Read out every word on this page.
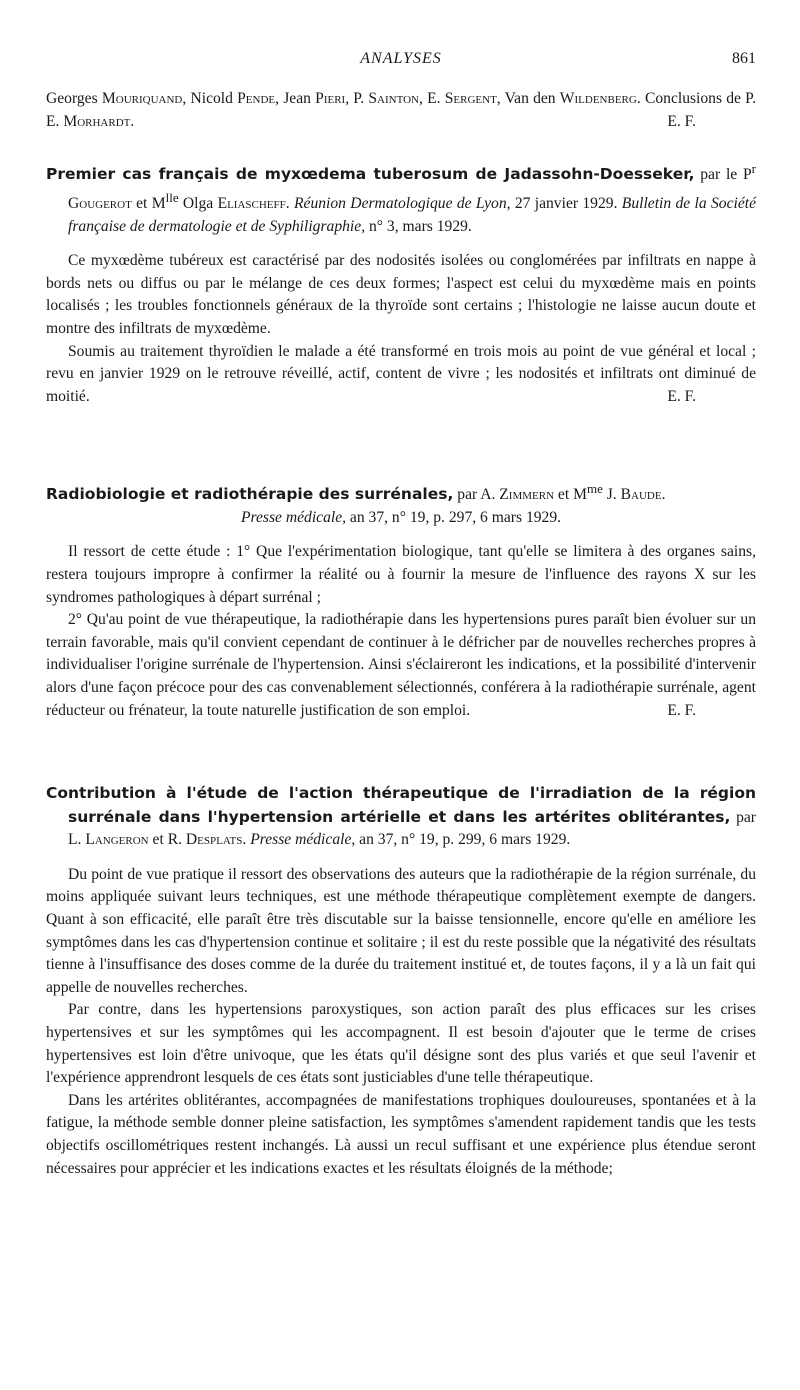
ANALYSES	861

Georges Mouriquand, Nicold Pende, Jean Pieri, P. Sainton, E. Sergent, Van den Wildenberg. Conclusions de P. E. Morhardt.	E. F.

Premier cas français de myxœdema tuberosum de Jadassohn-Doesseker, par le $P^r$ Gougerot et $M^{lle}$ Olga Eliascheff. Réunion Dermatologique de Lyon, 27 janvier 1929. Bulletin de la Société française de dermatologie et de Syphiligraphie, n° 3, mars 1929.

Ce myxœdème tubéreux est caractérisé par des nodosités isolées ou conglomérées par infiltrats en nappe à bords nets ou diffus ou par le mélange de ces deux formes; l'aspect est celui du myxœdème mais en points localisés ; les troubles fonctionnels généraux de la thyroïde sont certains ; l'histologie ne laisse aucun doute et montre des infiltrats de myxœdème.

Soumis au traitement thyroïdien le malade a été transformé en trois mois au point de vue général et local ; revu en janvier 1929 on le retrouve réveillé, actif, content de vivre ; les nodosités et infiltrats ont diminué de moitié.	E. F.

Radiobiologie et radiothérapie des surrénales, par A. Zimmern et $M^{me}$ J. Baude.

Presse médicale, an 37, n° 19, p. 297, 6 mars 1929.

Il ressort de cette étude : 1° Que l'expérimentation biologique, tant qu'elle se limitera à des organes sains, restera toujours impropre à confirmer la réalité ou à fournir la mesure de l'influence des rayons X sur les syndromes pathologiques à départ surrénal ;

2° Qu'au point de vue thérapeutique, la radiothérapie dans les hypertensions pures paraît bien évoluer sur un terrain favorable, mais qu'il convient cependant de continuer à le défricher par de nouvelles recherches propres à individualiser l'origine surrénale de l'hypertension. Ainsi s'éclaireront les indications, et la possibilité d'intervenir alors d'une façon précoce pour des cas convenablement sélectionnés, conférera à la radiothérapie surrénale, agent réducteur ou frénateur, la toute naturelle justification de son emploi.	E. F.

Contribution à l'étude de l'action thérapeutique de l'irradiation de la région surrénale dans l'hypertension artérielle et dans les artérites oblitérantes, par L. Langeron et R. Desplats. Presse médicale, an 37, n° 19, p. 299, 6 mars 1929.

Du point de vue pratique il ressort des observations des auteurs que la radiothérapie de la région surrénale, du moins appliquée suivant leurs techniques, est une méthode thérapeutique complètement exempte de dangers. Quant à son efficacité, elle paraît être très discutable sur la baisse tensionnelle, encore qu'elle en améliore les symptômes dans les cas d'hypertension continue et solitaire ; il est du reste possible que la négativité des résultats tienne à l'insuffisance des doses comme de la durée du traitement institué et, de toutes façons, il y a là un fait qui appelle de nouvelles recherches.

Par contre, dans les hypertensions paroxystiques, son action paraît des plus efficaces sur les crises hypertensives et sur les symptômes qui les accompagnent. Il est besoin d'ajouter que le terme de crises hypertensives est loin d'être univoque, que les états qu'il désigne sont des plus variés et que seul l'avenir et l'expérience apprendront lesquels de ces états sont justiciables d'une telle thérapeutique.

Dans les artérites oblitérantes, accompagnées de manifestations trophiques douloureuses, spontanées et à la fatigue, la méthode semble donner pleine satisfaction, les symptômes s'amendent rapidement tandis que les tests objectifs oscillométriques restent inchangés. Là aussi un recul suffisant et une expérience plus étendue seront nécessaires pour apprécier et les indications exactes et les résultats éloignés de la méthode;
